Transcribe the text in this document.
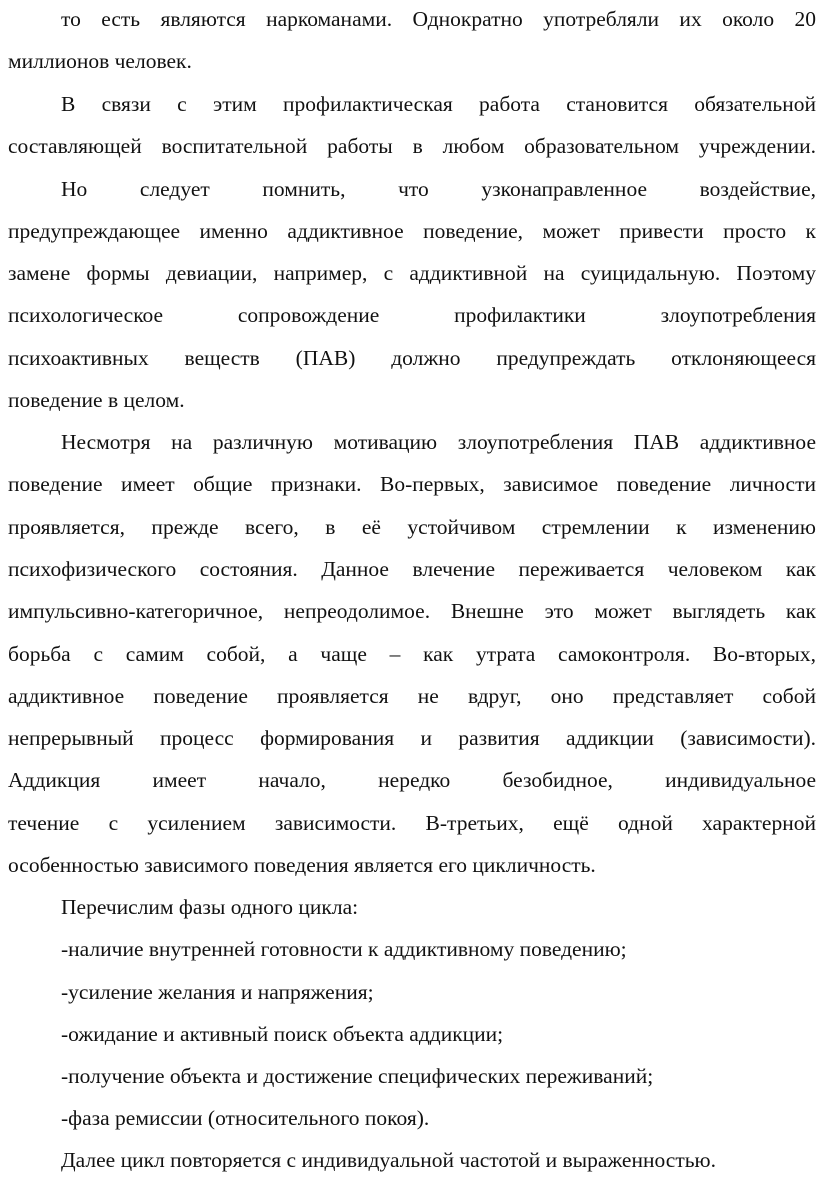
то есть являются наркоманами. Однократно употребляли их около 20
миллионов человек.
В связи с этим профилактическая работа становится обязательной
составляющей воспитательной работы в любом образовательном учреждении.
Но следует помнить, что узконаправленное воздействие,
предупреждающее именно аддиктивное поведение, может привести просто к
замене формы девиации, например, с аддиктивной на суицидальную. Поэтому
психологическое сопровождение профилактики злоупотребления
психоактивных веществ (ПАВ) должно предупреждать отклоняющееся
поведение в целом.
Несмотря на различную мотивацию злоупотребления ПАВ аддиктивное
поведение имеет общие признаки. Во-первых, зависимое поведение личности
проявляется, прежде всего, в её устойчивом стремлении к изменению
психофизического состояния. Данное влечение переживается человеком как
импульсивно-категоричное, непреодолимое. Внешне это может выглядеть как
борьба с самим собой, а чаще – как утрата самоконтроля. Во-вторых,
аддиктивное поведение проявляется не вдруг, оно представляет собой
непрерывный процесс формирования и развития аддикции (зависимости).
Аддикция имеет начало, нередко безобидное, индивидуальное
течение с усилением зависимости. В-третьих, ещё одной характерной
особенностью зависимого поведения является его цикличность.
Перечислим фазы одного цикла:
-наличие внутренней готовности к аддиктивному поведению;
-усиление желания и напряжения;
-ожидание и активный поиск объекта аддикции;
-получение объекта и достижение специфических переживаний;
-фаза ремиссии (относительного покоя).
Далее цикл повторяется с индивидуальной частотой и выраженностью.
